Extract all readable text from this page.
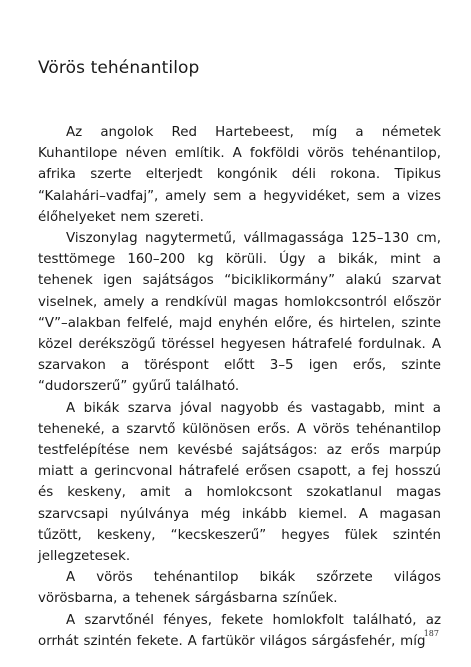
Vörös tehénantilop

Az angolok Red Hartebeest, míg a németek Kuhantilope néven említik. A fokföldi vörös tehénantilop, afrika szerte elterjedt kongónik déli rokona. Tipikus “Kalahári–vadfaj”, amely sem a hegyvidéket, sem a vizes élőhelyeket nem szereti.

Viszonylag nagytermetű, vállmagassága 125–130 cm, testtömege 160–200 kg körüli. Úgy a bikák, mint a tehenek igen sajátságos “biciklikormány” alakú szarvat viselnek, amely a rendkívül magas homlokcsontról először “V”–alakban felfelé, majd enyhén előre, és hirtelen, szinte közel derékszögű töréssel hegyesen hátrafelé fordulnak. A szarvakon a töréspont előtt 3–5 igen erős, szinte “dudorszerű” gyűrű található.

A bikák szarva jóval nagyobb és vastagabb, mint a teheneké, a szarvtő különösen erős. A vörös tehénantilop testfelépítése nem kevésbé sajátságos: az erős marpúp miatt a gerincvonal hátrafelé erősen csapott, a fej hosszú és keskeny, amit a homlokcsont szokatlanul magas szarvcsapi nyúlványa még inkább kiemel. A magasan tűzött, keskeny, “kecskeszerű” hegyes fülek szintén jellegzetesek.

A vörös tehénantilop bikák szőrzete világos vörösbarna, a tehenek sárgásbarna színűek.

A szarvtőnél fényes, fekete homlokfolt található, az orrhát szintén fekete. A fartükör világos sárgásfehér, míg

187
